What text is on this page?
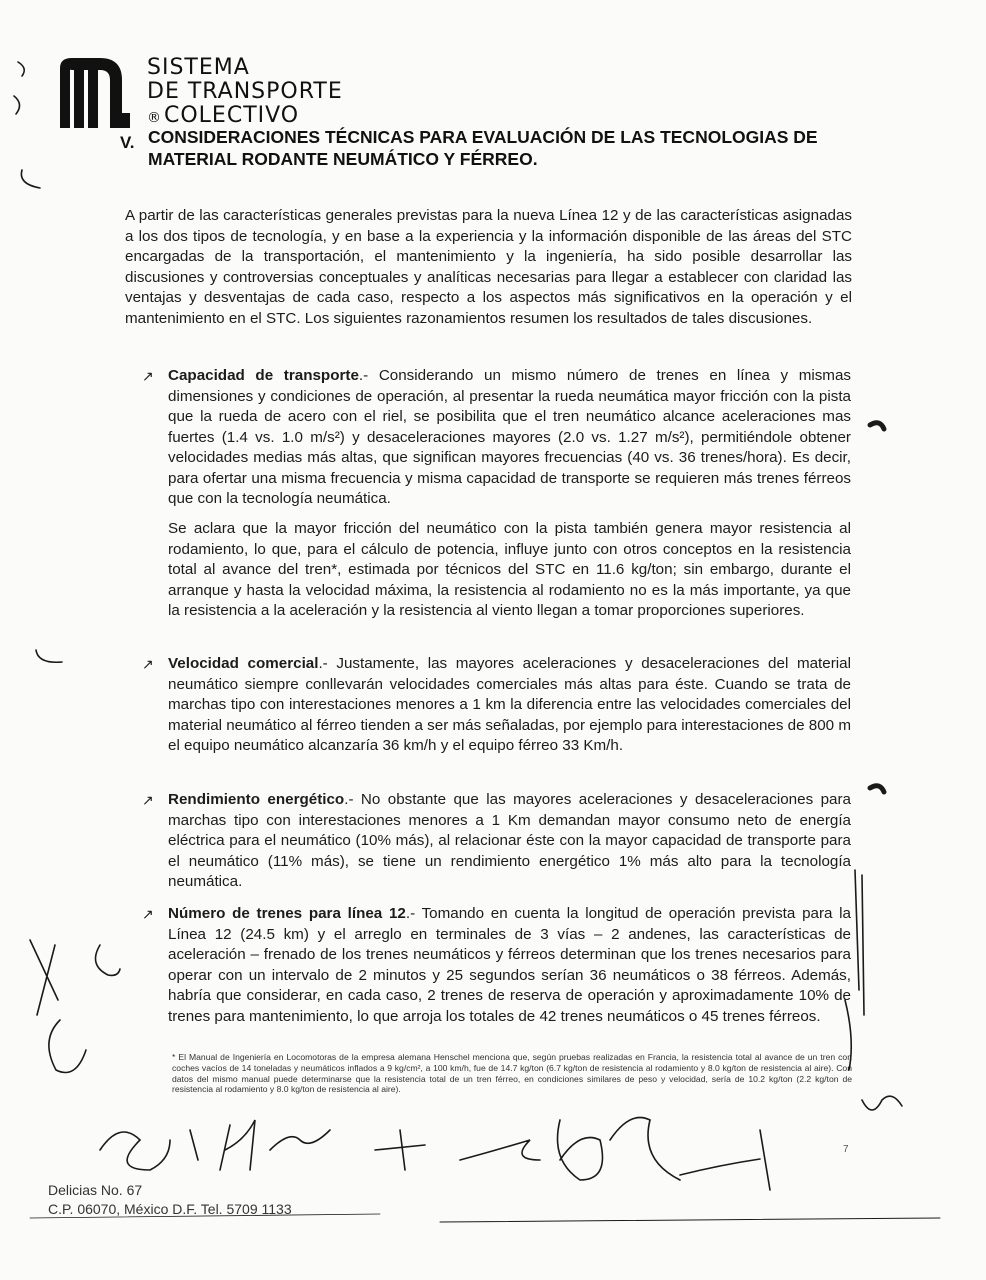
SISTEMA
DE TRANSPORTE
®COLECTIVO
V. CONSIDERACIONES TÉCNICAS PARA EVALUACIÓN DE LAS TECNOLOGIAS DE MATERIAL RODANTE NEUMÁTICO Y FÉRREO.
A partir de las características generales previstas para la nueva Línea 12 y de las características asignadas a los dos tipos de tecnología, y en base a la experiencia y la información disponible de las áreas del STC encargadas de la transportación, el mantenimiento y la ingeniería, ha sido posible desarrollar las discusiones y controversias conceptuales y analíticas necesarias para llegar a establecer con claridad las ventajas y desventajas de cada caso, respecto a los aspectos más significativos en la operación y el mantenimiento en el STC. Los siguientes razonamientos resumen los resultados de tales discusiones.
↗ Capacidad de transporte.- Considerando un mismo número de trenes en línea y mismas dimensiones y condiciones de operación, al presentar la rueda neumática mayor fricción con la pista que la rueda de acero con el riel, se posibilita que el tren neumático alcance aceleraciones mas fuertes (1.4 vs. 1.0 m/s²) y desaceleraciones mayores (2.0 vs. 1.27 m/s²), permitiéndole obtener velocidades medias más altas, que significan mayores frecuencias (40 vs. 36 trenes/hora). Es decir, para ofertar una misma frecuencia y misma capacidad de transporte se requieren más trenes férreos que con la tecnología neumática.
Se aclara que la mayor fricción del neumático con la pista también genera mayor resistencia al rodamiento, lo que, para el cálculo de potencia, influye junto con otros conceptos en la resistencia total al avance del tren*, estimada por técnicos del STC en 11.6 kg/ton; sin embargo, durante el arranque y hasta la velocidad máxima, la resistencia al rodamiento no es la más importante, ya que la resistencia a la aceleración y la resistencia al viento llegan a tomar proporciones superiores.
↗ Velocidad comercial.- Justamente, las mayores aceleraciones y desaceleraciones del material neumático siempre conllevarán velocidades comerciales más altas para éste. Cuando se trata de marchas tipo con interestaciones menores a 1 km la diferencia entre las velocidades comerciales del material neumático al férreo tienden a ser más señaladas, por ejemplo para interestaciones de 800 m el equipo neumático alcanzaría 36 km/h y el equipo férreo 33 Km/h.
↗ Rendimiento energético.- No obstante que las mayores aceleraciones y desaceleraciones para marchas tipo con interestaciones menores a 1 Km demandan mayor consumo neto de energía eléctrica para el neumático (10% más), al relacionar éste con la mayor capacidad de transporte para el neumático (11% más), se tiene un rendimiento energético 1% más alto para la tecnología neumática.
↗ Número de trenes para línea 12.- Tomando en cuenta la longitud de operación prevista para la Línea 12 (24.5 km) y el arreglo en terminales de 3 vías – 2 andenes, las características de aceleración – frenado de los trenes neumáticos y férreos determinan que los trenes necesarios para operar con un intervalo de 2 minutos y 25 segundos serían 36 neumáticos o 38 férreos. Además, habría que considerar, en cada caso, 2 trenes de reserva de operación y aproximadamente 10% de trenes para mantenimiento, lo que arroja los totales de 42 trenes neumáticos o 45 trenes férreos.
* El Manual de Ingeniería en Locomotoras de la empresa alemana Henschel menciona que, según pruebas realizadas en Francia, la resistencia total al avance de un tren con coches vacíos de 14 toneladas y neumáticos inflados a 9 kg/cm², a 100 km/h, fue de 14.7 kg/ton (6.7 kg/ton de resistencia al rodamiento y 8.0 kg/ton de resistencia al aire). Con datos del mismo manual puede determinarse que la resistencia total de un tren férreo, en condiciones similares de peso y velocidad, sería de 10.2 kg/ton (2.2 kg/ton de resistencia al rodamiento y 8.0 kg/ton de resistencia al aire).
7
Delicias No. 67
C.P. 06070, México D.F. Tel. 5709 1133
